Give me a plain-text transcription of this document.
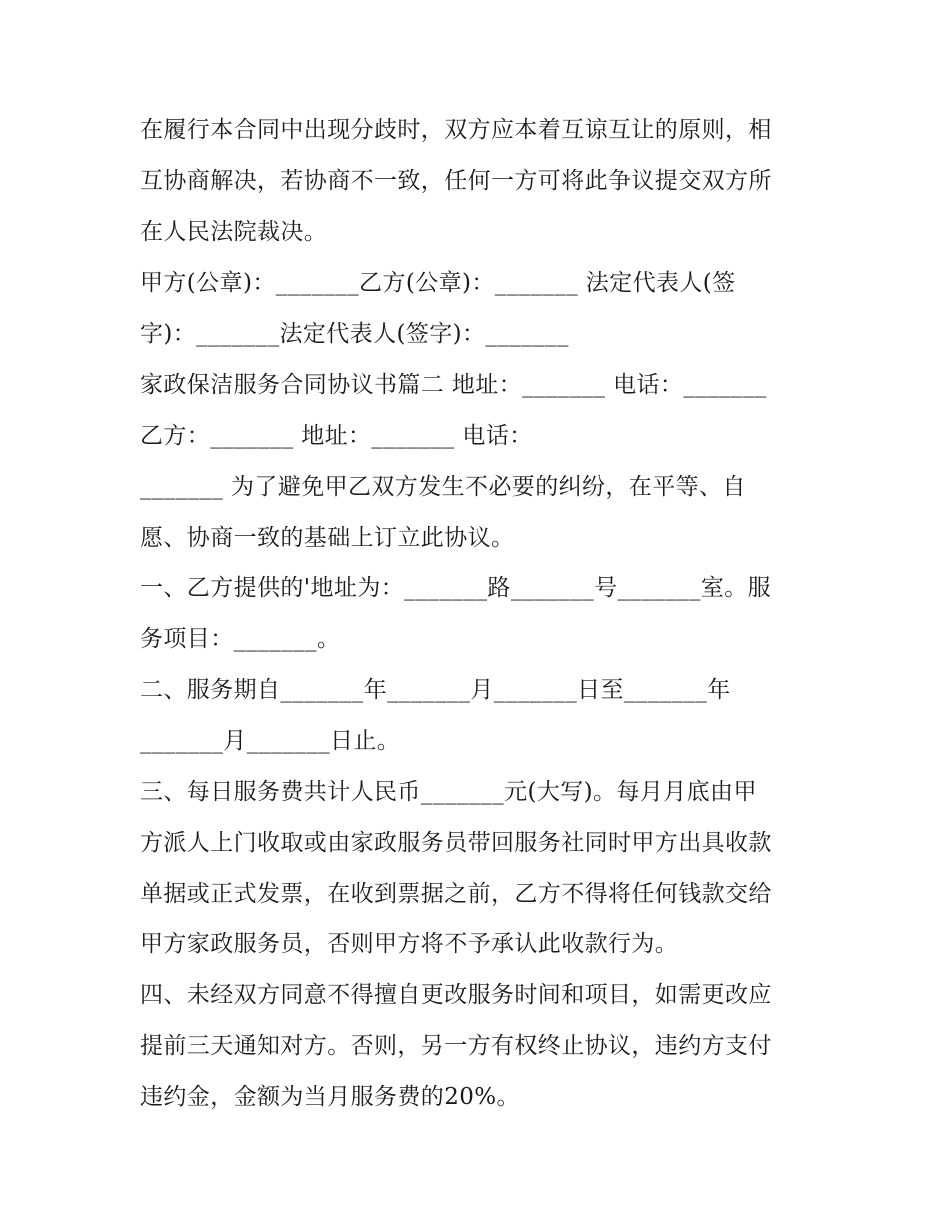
在履行本合同中出现分歧时，双方应本着互谅互让的原则，相
互协商解决，若协商不一致，任何一方可将此争议提交双方所
在人民法院裁决。
甲方(公章)：_______乙方(公章)：_______ 法定代表人(签
字)：_______法定代表人(签字)：_______
家政保洁服务合同协议书篇二 地址：_______ 电话：_______
乙方：_______ 地址：_______ 电话：
_______ 为了避免甲乙双方发生不必要的纠纷，在平等、自
愿、协商一致的基础上订立此协议。
一、乙方提供的'地址为：_______路_______号_______室。服
务项目：_______。
二、服务期自_______年_______月_______日至_______年
_______月_______日止。
三、每日服务费共计人民币_______元(大写)。每月月底由甲
方派人上门收取或由家政服务员带回服务社同时甲方出具收款
单据或正式发票，在收到票据之前，乙方不得将任何钱款交给
甲方家政服务员，否则甲方将不予承认此收款行为。
四、未经双方同意不得擅自更改服务时间和项目，如需更改应
提前三天通知对方。否则，另一方有权终止协议，违约方支付
违约金，金额为当月服务费的20%。
